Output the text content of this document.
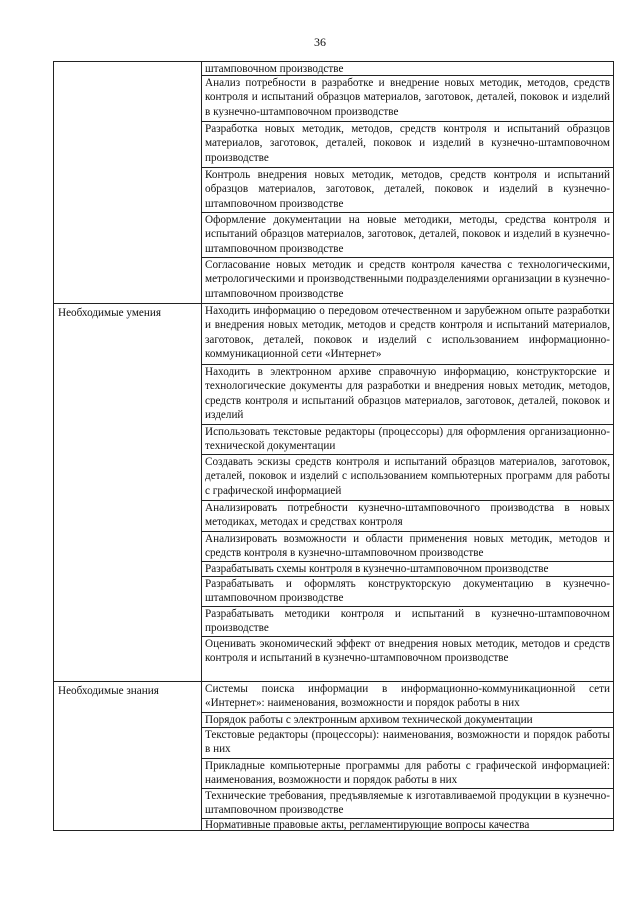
36
штамповочном производстве
Анализ потребности в разработке и внедрение новых методик, методов, средств контроля и испытаний образцов материалов, заготовок, деталей, поковок и изделий в кузнечно-штамповочном производстве
Разработка новых методик, методов, средств контроля и испытаний образцов материалов, заготовок, деталей, поковок и изделий в кузнечно-штамповочном производстве
Контроль внедрения новых методик, методов, средств контроля и испытаний образцов материалов, заготовок, деталей, поковок и изделий в кузнечно-штамповочном производстве
Оформление документации на новые методики, методы, средства контроля и испытаний образцов материалов, заготовок, деталей, поковок и изделий в кузнечно-штамповочном производстве
Согласование новых методик и средств контроля качества с технологическими, метрологическими и производственными подразделениями организации в кузнечно-штамповочном производстве
Необходимые умения	Находить информацию о передовом отечественном и зарубежном опыте разработки и внедрения новых методик, методов и средств контроля и испытаний материалов, заготовок, деталей, поковок и изделий с использованием информационно-коммуникационной сети «Интернет»
Находить в электронном архиве справочную информацию, конструкторские и технологические документы для разработки и внедрения новых методик, методов, средств контроля и испытаний образцов материалов, заготовок, деталей, поковок и изделий
Использовать текстовые редакторы (процессоры) для оформления организационно-технической документации
Создавать эскизы средств контроля и испытаний образцов материалов, заготовок, деталей, поковок и изделий с использованием компьютерных программ для работы с графической информацией
Анализировать потребности кузнечно-штамповочного производства в новых методиках, методах и средствах контроля
Анализировать возможности и области применения новых методик, методов и средств контроля в кузнечно-штамповочном производстве
Разрабатывать схемы контроля в кузнечно-штамповочном производстве
Разрабатывать и оформлять конструкторскую документацию в кузнечно-штамповочном производстве
Разрабатывать методики контроля и испытаний в кузнечно-штамповочном производстве
Оценивать экономический эффект от внедрения новых методик, методов и средств контроля и испытаний в кузнечно-штамповочном производстве
Необходимые знания	Системы поиска информации в информационно-коммуникационной сети «Интернет»: наименования, возможности и порядок работы в них
Порядок работы с электронным архивом технической документации
Текстовые редакторы (процессоры): наименования, возможности и порядок работы в них
Прикладные компьютерные программы для работы с графической информацией: наименования, возможности и порядок работы в них
Технические требования, предъявляемые к изготавливаемой продукции в кузнечно-штамповочном производстве
Нормативные правовые акты, регламентирующие вопросы качества
